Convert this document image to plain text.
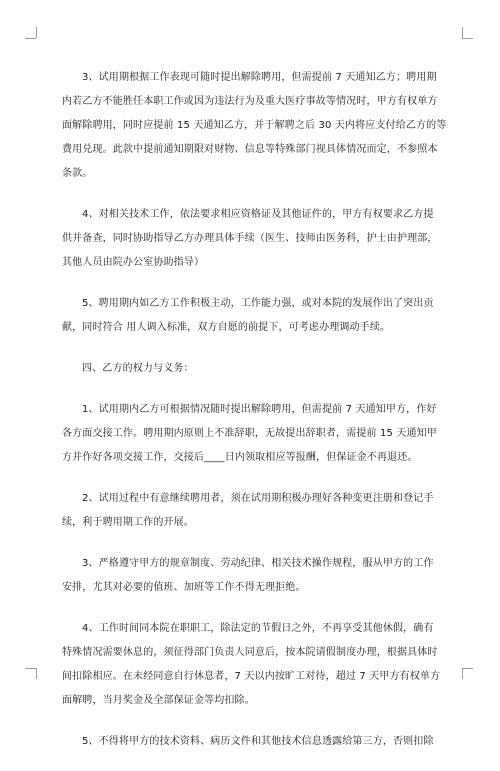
3、试用期根据工作表现可随时提出解除聘用，但需提前 7 天通知乙方；聘用期
内若乙方不能胜任本职工作或因为违法行为及重大医疗事故等情况时，甲方有权单方
面解除聘用，同时应提前 15 天通知乙方，并于解聘之后 30 天内将应支付给乙方的等
费用兑现。此款中提前通知期限对财物、信息等特殊部门视具体情况而定，不参照本
条款。

4、对相关技术工作，依法要求相应资格证及其他证件的，甲方有权要求乙方提
供并备查，同时协助指导乙方办理具体手续（医生、技师由医务科，护士由护理部，
其他人员由院办公室协助指导）

5、聘用期内如乙方工作积极主动，工作能力强，或对本院的发展作出了突出贡
献，同时符合 用人调入标准，双方自愿的前提下，可考虑办理调动手续。

四、乙方的权力与义务：

1、试用期内乙方可根据情况随时提出解除聘用，但需提前 7 天通知甲方，作好
各方面交接工作。聘用期内原则上不准辞职，无故提出辞职者，需提前 15 天通知甲
方并作好各项交接工作，交接后____日内领取相应等报酬，但保证金不再退还。

2、试用过程中有意继续聘用者，须在试用期积极办理好各种变更注册和登记手
续，利于聘用期工作的开展。

3、严格遵守甲方的规章制度、劳动纪律、相关技术操作规程，服从甲方的工作
安排，尤其对必要的值班、加班等工作不得无理拒绝。

4、工作时间同本院在职职工，除法定的节假日之外，不再享受其他休假，确有
特殊情况需要休息的，须征得部门负责人同意后，按本院请假制度办理，根据具体时
间扣除相应。在未经同意自行休息者，7 天以内按旷工对待，超过 7 天甲方有权单方
面解聘，当月奖金及全部保证金等均扣除。

5、不得将甲方的技术资料、病历文件和其他技术信息透露给第三方，否则扣除
